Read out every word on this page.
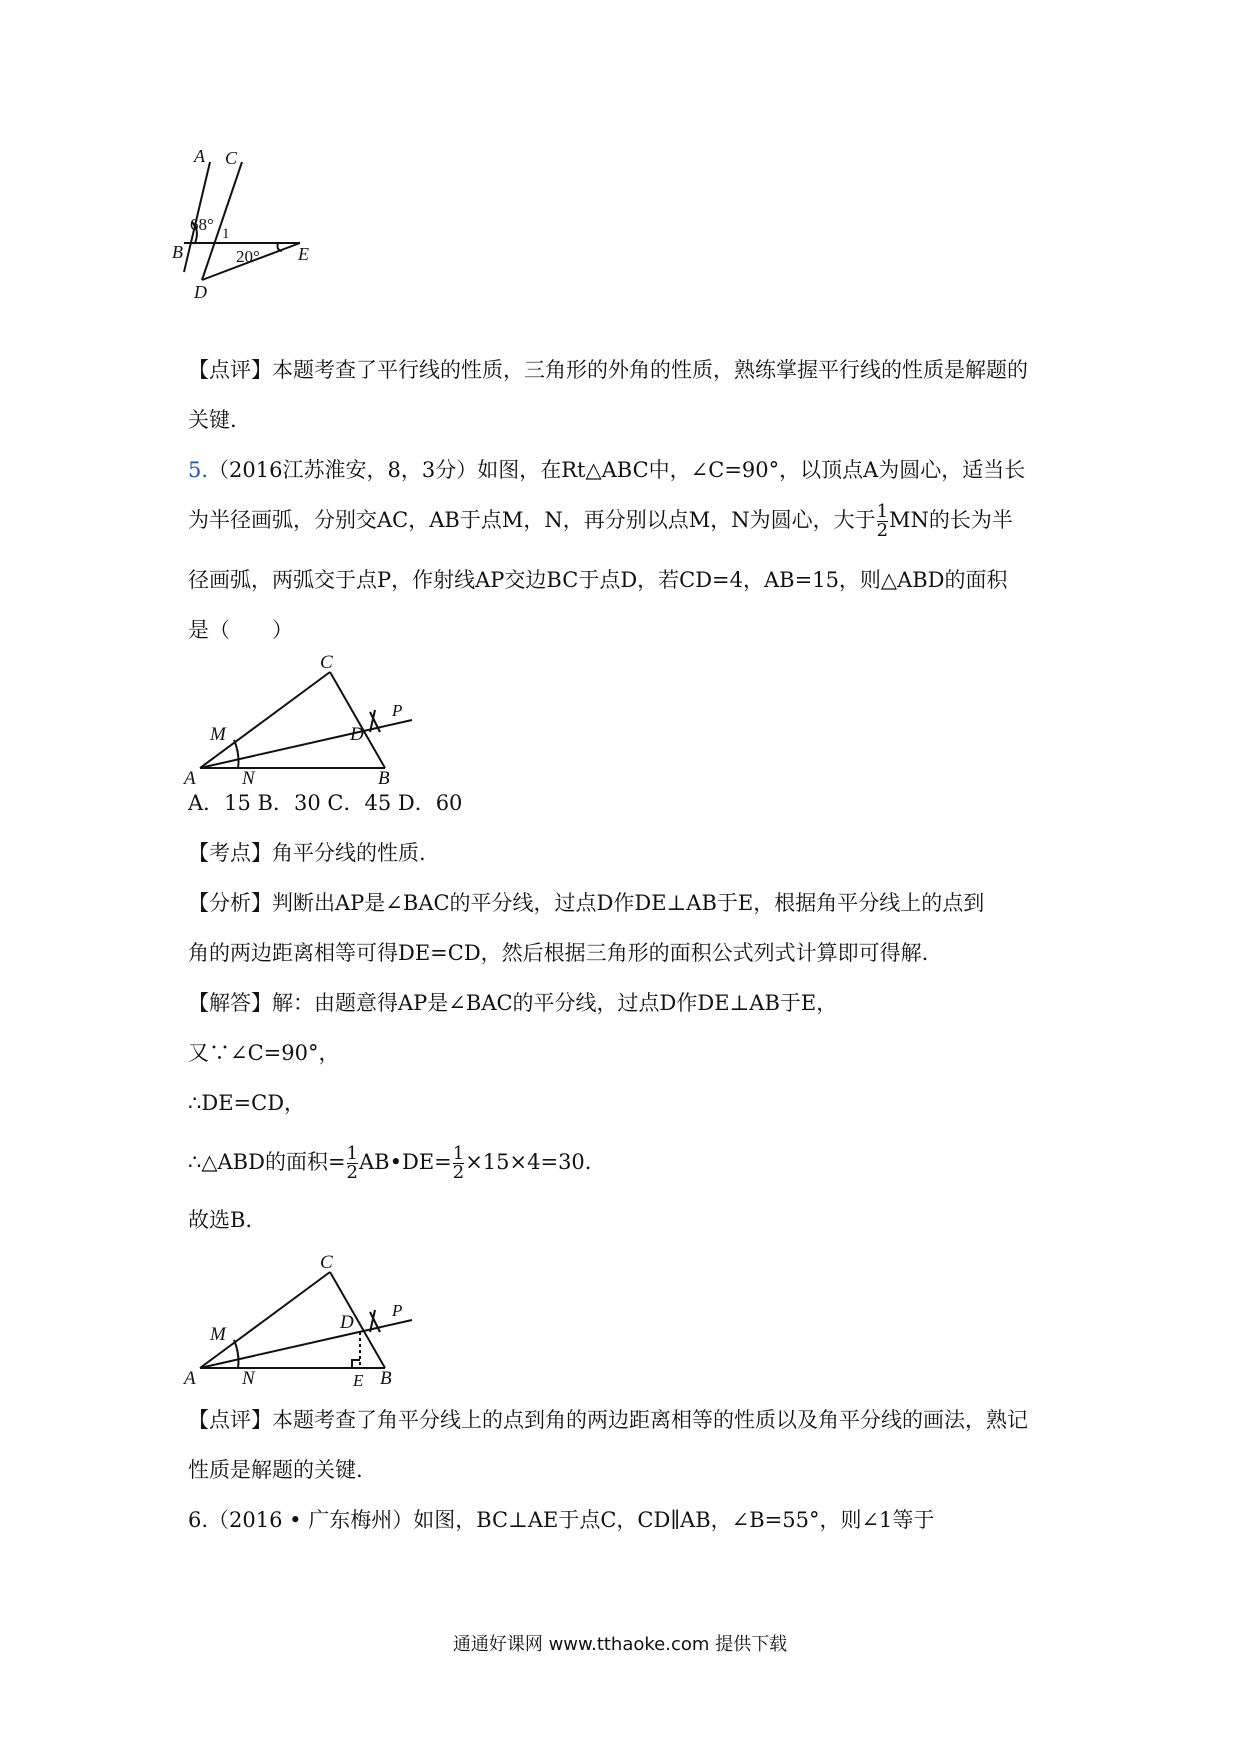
A C
B	E
D
68° 1
20°
【点评】本题考查了平行线的性质，三角形的外角的性质，熟练掌握平行线的性质是解题的
关键.
5.（2016江苏淮安，8，3分）如图，在Rt△ABC中，∠C=90°，以顶点A为圆心，适当长
为半径画弧，分别交AC，AB于点M，N，再分别以点M，N为圆心，大于 $\frac{1}{2}$ MN的长为半
径画弧，两弧交于点P，作射线AP交边BC于点D，若CD=4，AB=15，则△ABD的面积
是（　　）
C
P
M	D
A N	B
A．15 B．30 C．45 D．60
【考点】角平分线的性质.
【分析】判断出AP是∠BAC的平分线，过点D作DE⊥AB于E，根据角平分线上的点到
角的两边距离相等可得DE=CD，然后根据三角形的面积公式列式计算即可得解.
【解答】解：由题意得AP是∠BAC的平分线，过点D作DE⊥AB于E，
又∵∠C=90°，
∴DE=CD，
∴△ABD的面积= $\frac{1}{2}$ AB•DE= $\frac{1}{2} \times 15\times 4=30$.
故选B.
C
P
D
M
A N	E B
【点评】本题考查了角平分线上的点到角的两边距离相等的性质以及角平分线的画法，熟记
性质是解题的关键.
6.（2016 • 广东梅州）如图，BC⊥AE于点C，CD∥AB，∠B=55°，则∠1等于
通通好课网 www.tthaoke.com 提供下载
